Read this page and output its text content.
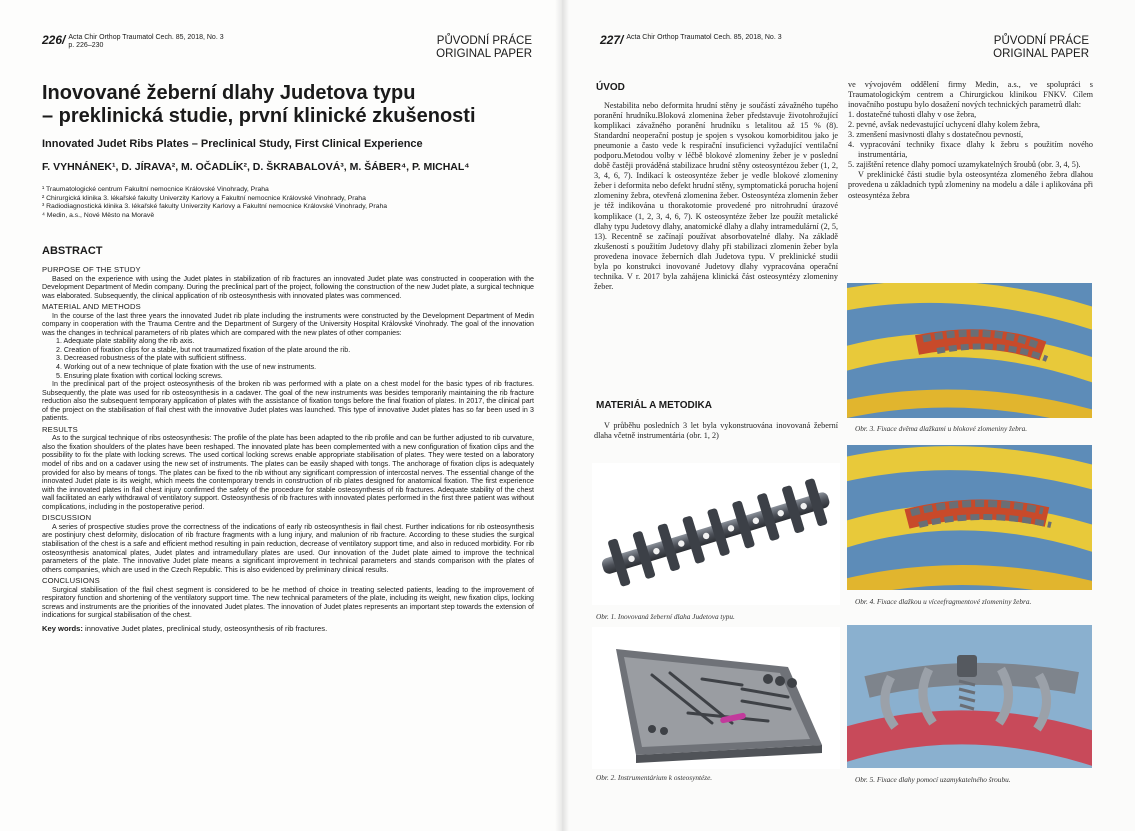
226/ Acta Chir Orthop Traumatol Cech. 85, 2018, No. 3
p. 226–230	PŮVODNÍ PRÁCE
ORIGINAL PAPER
Inovované žeberní dlahy Judetova typu
– preklinická studie, první klinické zkušenosti
Innovated Judet Ribs Plates – Preclinical Study, First Clinical Experience
F. VYHNÁNEK¹, D. JÍRAVA², M. OČADLÍK², D. ŠKRABALOVÁ³, M. ŠÁBER⁴, P. MICHAL⁴
¹ Traumatologické centrum Fakultní nemocnice Královské Vinohrady, Praha
² Chirurgická klinika 3. lékařské fakulty Univerzity Karlovy a Fakultní nemocnice Královské Vinohrady, Praha
³ Radiodiagnostická klinika 3. lékařské fakulty Univerzity Karlovy a Fakultní nemocnice Královské Vinohrady, Praha
⁴ Medin, a.s., Nové Město na Moravě
ABSTRACT
PURPOSE OF THE STUDY
Based on the experience with using the Judet plates in stabilization of rib fractures an innovated Judet plate was constructed in cooperation with the Development Department of Medin company. During the preclinical part of the project, following the construction of the new Judet plate, a surgical technique was elaborated. Subsequently, the clinical application of rib osteosynthesis with innovated plates was commenced.
MATERIAL AND METHODS
In the course of the last three years the innovated Judet rib plate including the instruments were constructed by the Development Department of Medin company in cooperation with the Trauma Centre and the Department of Surgery of the University Hospital Královské Vinohrady. The goal of the innovation was the changes in technical parameters of rib plates which are compared with the new plates of other companies:
1. Adequate plate stability along the rib axis.
2. Creation of fixation clips for a stable, but not traumatized fixation of the plate around the rib.
3. Decreased robustness of the plate with sufficient stiffness.
4. Working out of a new technique of plate fixation with the use of new instruments.
5. Ensuring plate fixation with cortical locking screws.
In the preclinical part of the project osteosynthesis of the broken rib was performed with a plate on a chest model for the basic types of rib fractures. Subsequently, the plate was used for rib osteosynthesis in a cadaver. The goal of the new instruments was besides temporarily maintaining the rib fracture reduction also the subsequent temporary application of plates with the assistance of fixation tongs before the final fixation of plates. In 2017, the clinical part of the project on the stabilisation of flail chest with the innovative Judet plates was launched. This type of innovative Judet plates has so far been used in 3 patients.
RESULTS
As to the surgical technique of ribs osteosynthesis: The profile of the plate has been adapted to the rib profile and can be further adjusted to rib curvature, also the fixation shoulders of the plates have been reshaped. The innovated plate has been complemented with a new configuration of fixation clips and the possibility to fix the plate with locking screws. The used cortical locking screws enable appropriate stabilisation of plates. They were tested on a laboratory model of ribs and on a cadaver using the new set of instruments. The plates can be easily shaped with tongs. The anchorage of fixation clips is adequately provided for also by means of tongs. The plates can be fixed to the rib without any significant compression of intercostal nerves. The essential change of the innovated Judet plate is its weight, which meets the contemporary trends in construction of rib plates designed for anatomical fixation. The first experience with the innovated plates in flail chest injury confirmed the safety of the procedure for stable osteosynthesis of rib fractures. Adequate stability of the chest wall facilitated an early withdrawal of ventilatory support. Osteosynthesis of rib fractures with innovated plates performed in the first three patient was without complications, including in the postoperative period.
DISCUSSION
A series of prospective studies prove the correctness of the indications of early rib osteosynthesis in flail chest. Further indications for rib osteosynthesis are postinjury chest deformity, dislocation of rib fracture fragments with a lung injury, and malunion of rib fracture. According to these studies the surgical stabilisation of the chest is a safe and efficient method resulting in pain reduction, decrease of ventilatory support time, and also in reduced morbidity. For rib osteosynthesis anatomical plates, Judet plates and intramedullary plates are used. Our innovation of the Judet plate aimed to improve the technical parameters of the plate. The innovative Judet plate means a significant improvement in technical parameters and stands comparison with the plates of others companies, which are used in the Czech Republic. This is also evidenced by preliminary clinical results.
CONCLUSIONS
Surgical stabilisation of the flail chest segment is considered to be he method of choice in treating selected patients, leading to the improvement of respiratory function and shortening of the ventilatory support time. The new technical parameters of the plate, including its weight, new fixation clips, locking screws and instruments are the priorities of the innovated Judet plates. The innovation of Judet plates represents an important step towards the extension of indications for surgical stabilisation of the chest.
Key words: innovative Judet plates, preclinical study, osteosynthesis of rib fractures.
227/ Acta Chir Orthop Traumatol Cech. 85, 2018, No. 3	PŮVODNÍ PRÁCE
ORIGINAL PAPER
ÚVOD
Nestabilita nebo deformita hrudní stěny je součástí závažného tupého poranění hrudníku.Bloková zlomenina žeber představuje životohrožující komplikaci závažného poranění hrudníku s letalitou až 15 % (8). Standardní neoperační postup je spojen s vysokou komorbiditou jako je pneumonie a často vede k respirační insuficienci vyžadující ventilační podporu.Metodou volby v léčbě blokové zlomeniny žeber je v poslední době častěji prováděná stabilizace hrudní stěny osteosyntézou žeber (1, 2, 3, 4, 6, 7). Indikací k osteosyntéze žeber je vedle blokové zlomeniny žeber i deformita nebo defekt hrudní stěny, symptomatická porucha hojení zlomeniny žebra, otevřená zlomenina žeber. Osteosyntéza zlomenin žeber je též indikována u thorakotomie provedené pro nitrohrudní úrazové komplikace (1, 2, 3, 4, 6, 7). K osteosyntéze žeber lze použít metalické dlahy typu Judetovy dlahy, anatomické dlahy a dlahy intramedulární (2, 5, 13). Recentně se začínají používat absorbovatelné dlahy. Na základě zkušeností s použitím Judetovy dlahy při stabilizaci zlomenin žeber byla provedena inovace žeberních dlah Judetova typu. V preklinické studii byla po konstrukci inovované Judetovy dlahy vypracována operační technika. V r. 2017 byla zahájena klinická část osteosyntézy zlomeniny žeber.
MATERIÁL A METODIKA
V průběhu posledních 3 let byla vykonstruována inovovaná žeberní dlaha včetně instrumentária (obr. 1, 2)
Obr. 1. Inovovaná žeberní dlaha Judetova typu.
Obr. 2. Instrumentárium k osteosyntéze.
ve vývojovém oddělení firmy Medin, a.s., ve spolupráci s Traumatologickým centrem a Chirurgickou klinikou FNKV. Cílem inovačního postupu bylo dosažení nových technických parametrů dlah:
1. dostatečné tuhosti dlahy v ose žebra,
2. pevné, avšak nedevastující uchycení dlahy kolem žebra,
3. zmenšení masivnosti dlahy s dostatečnou pevností,
4. vypracování techniky fixace dlahy k žebru s použitím nového instrumentária,
5. zajištění retence dlahy pomocí uzamykatelných šroubů (obr. 3, 4, 5).
V preklinické části studie byla osteosyntéza zlomeného žebra dlahou provedena u základních typů zlomeniny na modelu a dále i aplikována při osteosyntéza žebra
Obr. 3. Fixace dvěma dlažkami u blokové zlomeniny žebra.
Obr. 4. Fixace dlažkou u víceefragmentové zlomeniny žebra.
Obr. 5. Fixace dlahy pomocí uzamykatelného šroubu.
